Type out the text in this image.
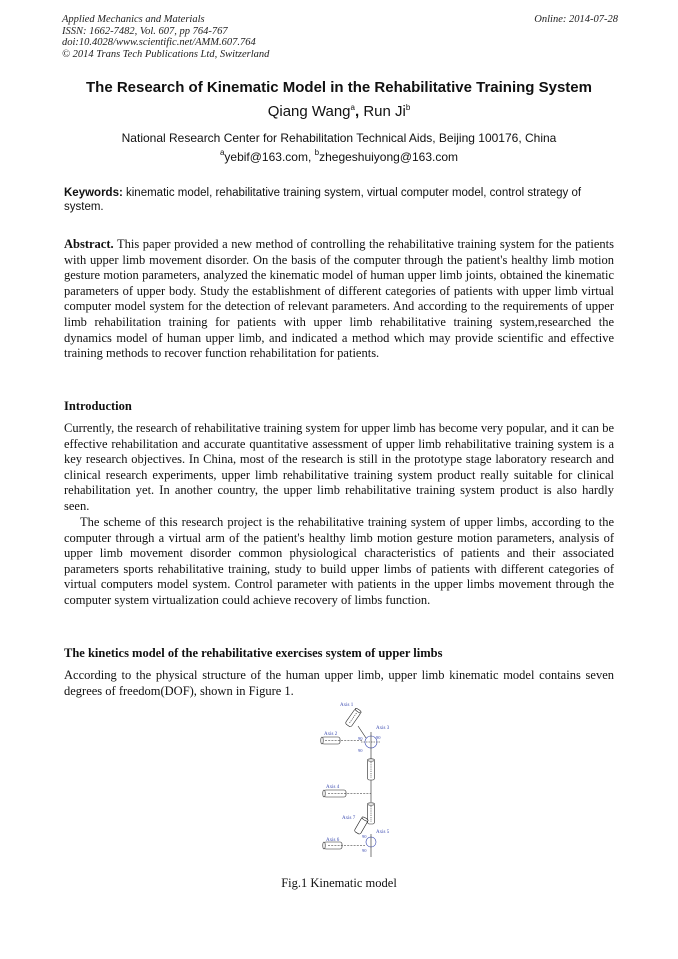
Applied Mechanics and Materials
ISSN: 1662-7482, Vol. 607, pp 764-767
doi:10.4028/www.scientific.net/AMM.607.764
© 2014 Trans Tech Publications Ltd, Switzerland
Online: 2014-07-28
The Research of Kinematic Model in the Rehabilitative Training System
Qiang Wang$^a$, Run Ji$^b$
National Research Center for Rehabilitation Technical Aids, Beijing 100176, China
$^a$yebif@163.com, $^b$zhegeshuiyong@163.com
Keywords: kinematic model, rehabilitative training system, virtual computer model, control strategy of system.
Abstract. This paper provided a new method of controlling the rehabilitative training system for the patients with upper limb movement disorder. On the basis of the computer through the patient's healthy limb motion gesture motion parameters, analyzed the kinematic model of human upper limb joints, obtained the kinematic parameters of upper body. Study the establishment of different categories of patients with upper limb virtual computer model system for the detection of relevant parameters. And according to the requirements of upper limb rehabilitation training for patients with upper limb rehabilitative training system,researched the dynamics model of human upper limb, and indicated a method which may provide scientific and effective training methods to recover function rehabilitation for patients.
Introduction
Currently, the research of rehabilitative training system for upper limb has become very popular, and it can be effective rehabilitation and accurate quantitative assessment of upper limb rehabilitative training system is a key research objectives. In China, most of the research is still in the prototype stage laboratory research and clinical research experiments, upper limb rehabilitative training system product really suitable for clinical rehabilitation yet. In another country, the upper limb rehabilitative training system product is also hardly seen.
The scheme of this research project is the rehabilitative training system of upper limbs, according to the computer through a virtual arm of the patient's healthy limb motion gesture motion parameters, analysis of upper limb movement disorder common physiological characteristics of patients and their associated parameters sports rehabilitative training, study to build upper limbs of patients with different categories of virtual computers model system. Control parameter with patients in the upper limbs movement through the computer system virtualization could achieve recovery of limbs function.
The kinetics model of the rehabilitative exercises system of upper limbs
According to the physical structure of the human upper limb, upper limb kinematic model contains seven degrees of freedom(DOF), shown in Figure 1.
Axis 1
Axis 2
Axis 3
Axis 4
Axis 5
Axis 6
Axis 7
90	90
90
90
90
Fig.1 Kinematic model
